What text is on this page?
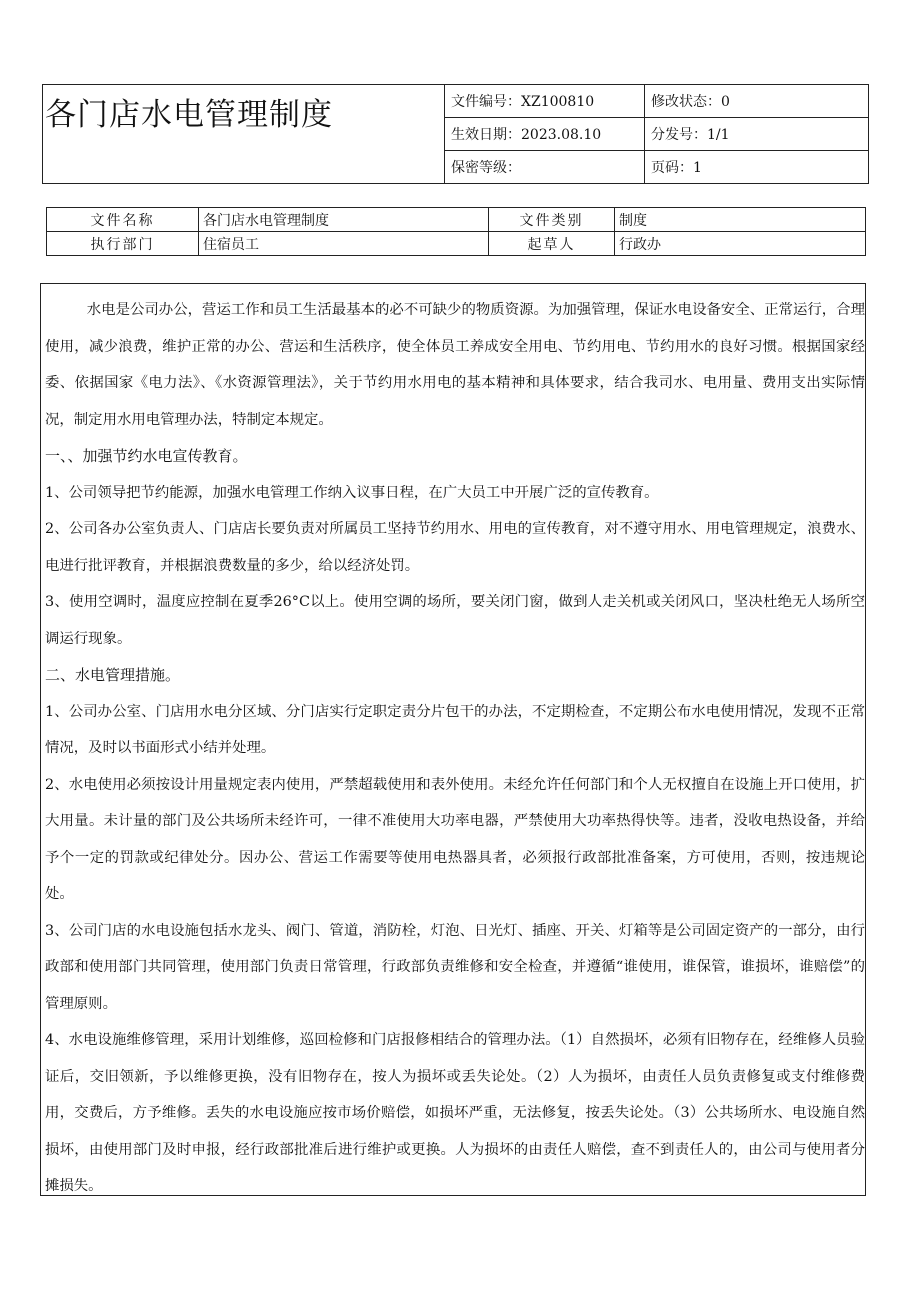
各门店水电管理制度	文件编号：XZ100810	修改状态：0
	生效日期：2023.08.10	分发号：1/1
	保密等级：	页码：1
文件名称	各门店水电管理制度	文件类别	制度
执行部门	住宿员工	起草人	行政办

水电是公司办公，营运工作和员工生活最基本的必不可缺少的物质资源。为加强管理，保证水电设备安全、正常运行，合理使用，减少浪费，维护正常的办公、营运和生活秩序，使全体员工养成安全用电、节约用电、节约用水的良好习惯。根据国家经委、依据国家《电力法》、《水资源管理法》，关于节约用水用电的基本精神和具体要求，结合我司水、电用量、费用支出实际情况，制定用水用电管理办法，特制定本规定。

一、、加强节约水电宣传教育。

1、公司领导把节约能源，加强水电管理工作纳入议事日程，在广大员工中开展广泛的宣传教育。

2、公司各办公室负责人、门店店长要负责对所属员工坚持节约用水、用电的宣传教育，对不遵守用水、用电管理规定，浪费水、电进行批评教育，并根据浪费数量的多少，给以经济处罚。

3、使用空调时，温度应控制在夏季26°C以上。使用空调的场所，要关闭门窗，做到人走关机或关闭风口，坚决杜绝无人场所空调运行现象。

二、水电管理措施。

1、公司办公室、门店用水电分区域、分门店实行定职定责分片包干的办法，不定期检查，不定期公布水电使用情况，发现不正常情况，及时以书面形式小结并处理。

2、水电使用必须按设计用量规定表内使用，严禁超载使用和表外使用。未经允许任何部门和个人无权擅自在设施上开口使用，扩大用量。未计量的部门及公共场所未经许可，一律不准使用大功率电器，严禁使用大功率热得快等。违者，没收电热设备，并给予个一定的罚款或纪律处分。因办公、营运工作需要等使用电热器具者，必须报行政部批准备案，方可使用，否则，按违规论处。

3、公司门店的水电设施包括水龙头、阀门、管道，消防栓，灯泡、日光灯、插座、开关、灯箱等是公司固定资产的一部分，由行政部和使用部门共同管理，使用部门负责日常管理，行政部负责维修和安全检查，并遵循“谁使用，谁保管，谁损坏，谁赔偿”的管理原则。

4、水电设施维修管理，采用计划维修，巡回检修和门店报修相结合的管理办法。（1）自然损坏，必须有旧物存在，经维修人员验证后，交旧领新，予以维修更换，没有旧物存在，按人为损坏或丢失论处。（2）人为损坏，由责任人员负责修复或支付维修费用，交费后，方予维修。丢失的水电设施应按市场价赔偿，如损坏严重，无法修复，按丢失论处。（3）公共场所水、电设施自然损坏，由使用部门及时申报，经行政部批准后进行维护或更换。人为损坏的由责任人赔偿，查不到责任人的，由公司与使用者分摊损失。
